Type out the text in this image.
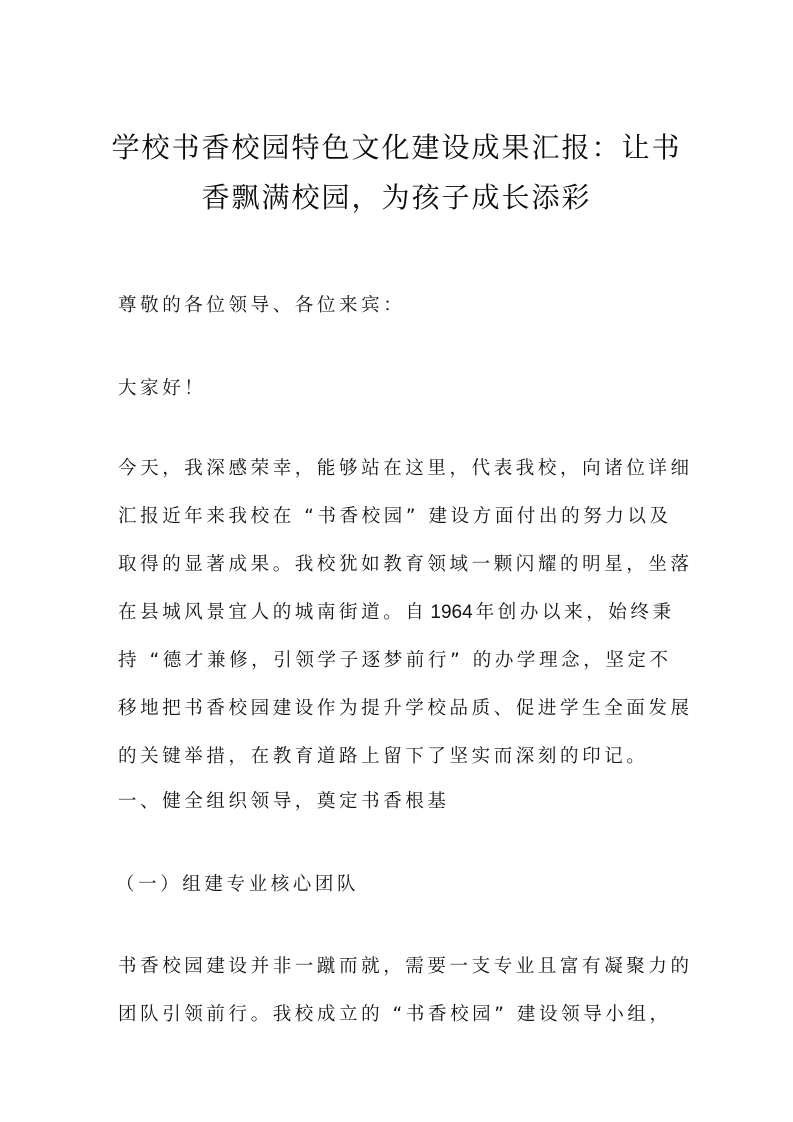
学校书香校园特色文化建设成果汇报：让书
香飘满校园，为孩子成长添彩
尊敬的各位领导、各位来宾：
大家好！
今天，我深感荣幸，能够站在这里，代表我校，向诸位详细
汇报近年来我校在 “书香校园” 建设方面付出的努力以及
取得的显著成果。我校犹如教育领域一颗闪耀的明星，坐落
在县城风景宜人的城南街道。自 1964 年创办以来，始终秉
持 “德才兼修，引领学子逐梦前行” 的办学理念，坚定不
移地把书香校园建设作为提升学校品质、促进学生全面发展
的关键举措，在教育道路上留下了坚实而深刻的印记。
一、健全组织领导，奠定书香根基
（一）组建专业核心团队
书香校园建设并非一蹴而就，需要一支专业且富有凝聚力的
团队引领前行。我校成立的 “书香校园” 建设领导小组，
